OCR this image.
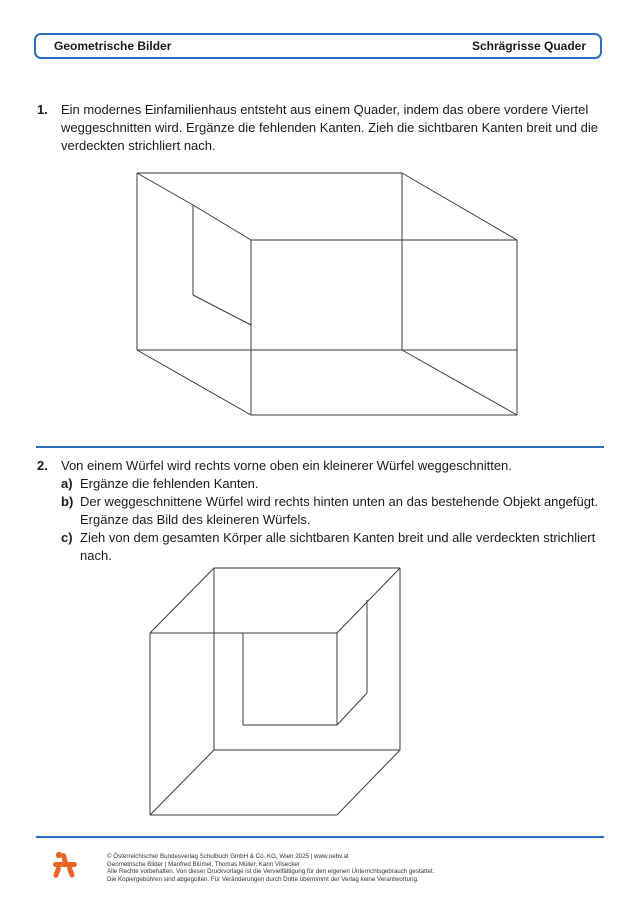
Geometrische Bilder	Schrägrisse Quader
1. Ein modernes Einfamilienhaus entsteht aus einem Quader, indem das obere vordere Viertel weggeschnitten wird. Ergänze die fehlenden Kanten. Zieh die sichtbaren Kanten breit und die verdeckten strichliert nach.
2. Von einem Würfel wird rechts vorne oben ein kleinerer Würfel weggeschnitten.
a) Ergänze die fehlenden Kanten.
b) Der weggeschnittene Würfel wird rechts hinten unten an das bestehende Objekt angefügt. Ergänze das Bild des kleineren Würfels.
c) Zieh von dem gesamten Körper alle sichtbaren Kanten breit und alle verdeckten strichliert nach.
© Österreichischer Bundesverlag Schulbuch GmbH & Co. KG, Wien 2025 | www.oebv.at
Geometrische Bilder | Manfred Blümel, Thomas Müller, Karin Vilsecker
Alle Rechte vorbehalten. Von dieser Druckvorlage ist die Vervielfältigung für den eigenen Unterrichtsgebrauch gestattet.
Die Kopiergebühren sind abgegolten. Für Veränderungen durch Dritte übernimmt der Verlag keine Verantwortung.
